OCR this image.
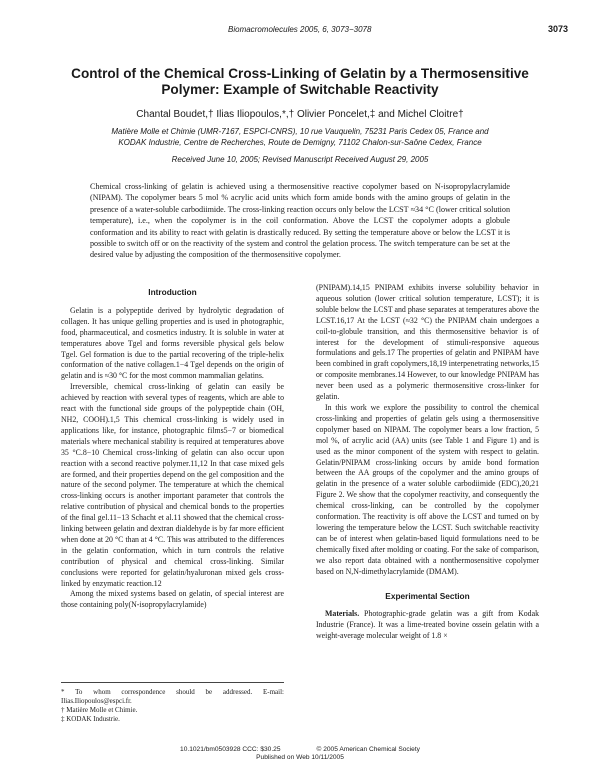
Biomacromolecules 2005, 6, 3073−3078	3073
Control of the Chemical Cross-Linking of Gelatin by a Thermosensitive Polymer: Example of Switchable Reactivity
Chantal Boudet,† Ilias Iliopoulos,*,† Olivier Poncelet,‡ and Michel Cloitre†
Matière Molle et Chimie (UMR-7167, ESPCI-CNRS), 10 rue Vauquelin, 75231 Paris Cedex 05, France and
KODAK Industrie, Centre de Recherches, Route de Demigny, 71102 Chalon-sur-Saône Cedex, France
Received June 10, 2005; Revised Manuscript Received August 29, 2005
Chemical cross-linking of gelatin is achieved using a thermosensitive reactive copolymer based on N-isopropylacrylamide (NIPAM). The copolymer bears 5 mol % acrylic acid units which form amide bonds with the amino groups of gelatin in the presence of a water-soluble carbodiimide. The cross-linking reaction occurs only below the LCST ≈34 °C (lower critical solution temperature), i.e., when the copolymer is in the coil conformation. Above the LCST the copolymer adopts a globule conformation and its ability to react with gelatin is drastically reduced. By setting the temperature above or below the LCST it is possible to switch off or on the reactivity of the system and control the gelation process. The switch temperature can be set at the desired value by adjusting the composition of the thermosensitive copolymer.
Introduction

Gelatin is a polypeptide derived by hydrolytic degradation of collagen. It has unique gelling properties and is used in photographic, food, pharmaceutical, and cosmetics industry. It is soluble in water at temperatures above Tgel and forms reversible physical gels below Tgel. Gel formation is due to the partial recovering of the triple-helix conformation of the native collagen.1−4 Tgel depends on the origin of gelatin and is ≈30 °C for the most common mammalian gelatins.

Irreversible, chemical cross-linking of gelatin can easily be achieved by reaction with several types of reagents, which are able to react with the functional side groups of the polypeptide chain (OH, NH2, COOH).1,5 This chemical cross-linking is widely used in applications like, for instance, photographic films5−7 or biomedical materials where mechanical stability is required at temperatures above 35 °C.8−10 Chemical cross-linking of gelatin can also occur upon reaction with a second reactive polymer.11,12 In that case mixed gels are formed, and their properties depend on the gel composition and the nature of the second polymer. The temperature at which the chemical cross-linking occurs is another important parameter that controls the relative contribution of physical and chemical bonds to the properties of the final gel.11−13 Schacht et al.11 showed that the chemical cross-linking between gelatin and dextran dialdehyde is by far more efficient when done at 20 °C than at 4 °C. This was attributed to the differences in the gelatin conformation, which in turn controls the relative contribution of physical and chemical cross-linking. Similar conclusions were reported for gelatin/hyaluronan mixed gels cross-linked by enzymatic reaction.12

Among the mixed systems based on gelatin, of special interest are those containing poly(N-isopropylacrylamide)

(PNIPAM).14,15 PNIPAM exhibits inverse solubility behavior in aqueous solution (lower critical solution temperature, LCST); it is soluble below the LCST and phase separates at temperatures above the LCST.16,17 At the LCST (≈32 °C) the PNIPAM chain undergoes a coil-to-globule transition, and this thermosensitive behavior is of interest for the development of stimuli-responsive aqueous formulations and gels.17 The properties of gelatin and PNIPAM have been combined in graft copolymers,18,19 interpenetrating networks,15 or composite membranes.14 However, to our knowledge PNIPAM has never been used as a polymeric thermosensitive cross-linker for gelatin.

In this work we explore the possibility to control the chemical cross-linking and properties of gelatin gels using a thermosensitive copolymer based on NIPAM. The copolymer bears a low fraction, 5 mol %, of acrylic acid (AA) units (see Table 1 and Figure 1) and is used as the minor component of the system with respect to gelatin. Gelatin/PNIPAM cross-linking occurs by amide bond formation between the AA groups of the copolymer and the amino groups of gelatin in the presence of a water soluble carbodiimide (EDC),20,21 Figure 2. We show that the copolymer reactivity, and consequently the chemical cross-linking, can be controlled by the copolymer conformation. The reactivity is off above the LCST and turned on by lowering the temperature below the LCST. Such switchable reactivity can be of interest when gelatin-based liquid formulations need to be chemically fixed after molding or coating. For the sake of comparison, we also report data obtained with a nonthermosensitive copolymer based on N,N-dimethylacrylamide (DMAM).

Experimental Section

Materials. Photographic-grade gelatin was a gift from Kodak Industrie (France). It was a lime-treated bovine ossein gelatin with a weight-average molecular weight of 1.8 ×

* To whom correspondence should be addressed. E-mail: Ilias.Iliopoulos@espci.fr.
† Matière Molle et Chimie.
‡ KODAK Industrie.
10.1021/bm0503928 CCC: $30.25	© 2005 American Chemical Society
Published on Web 10/11/2005
